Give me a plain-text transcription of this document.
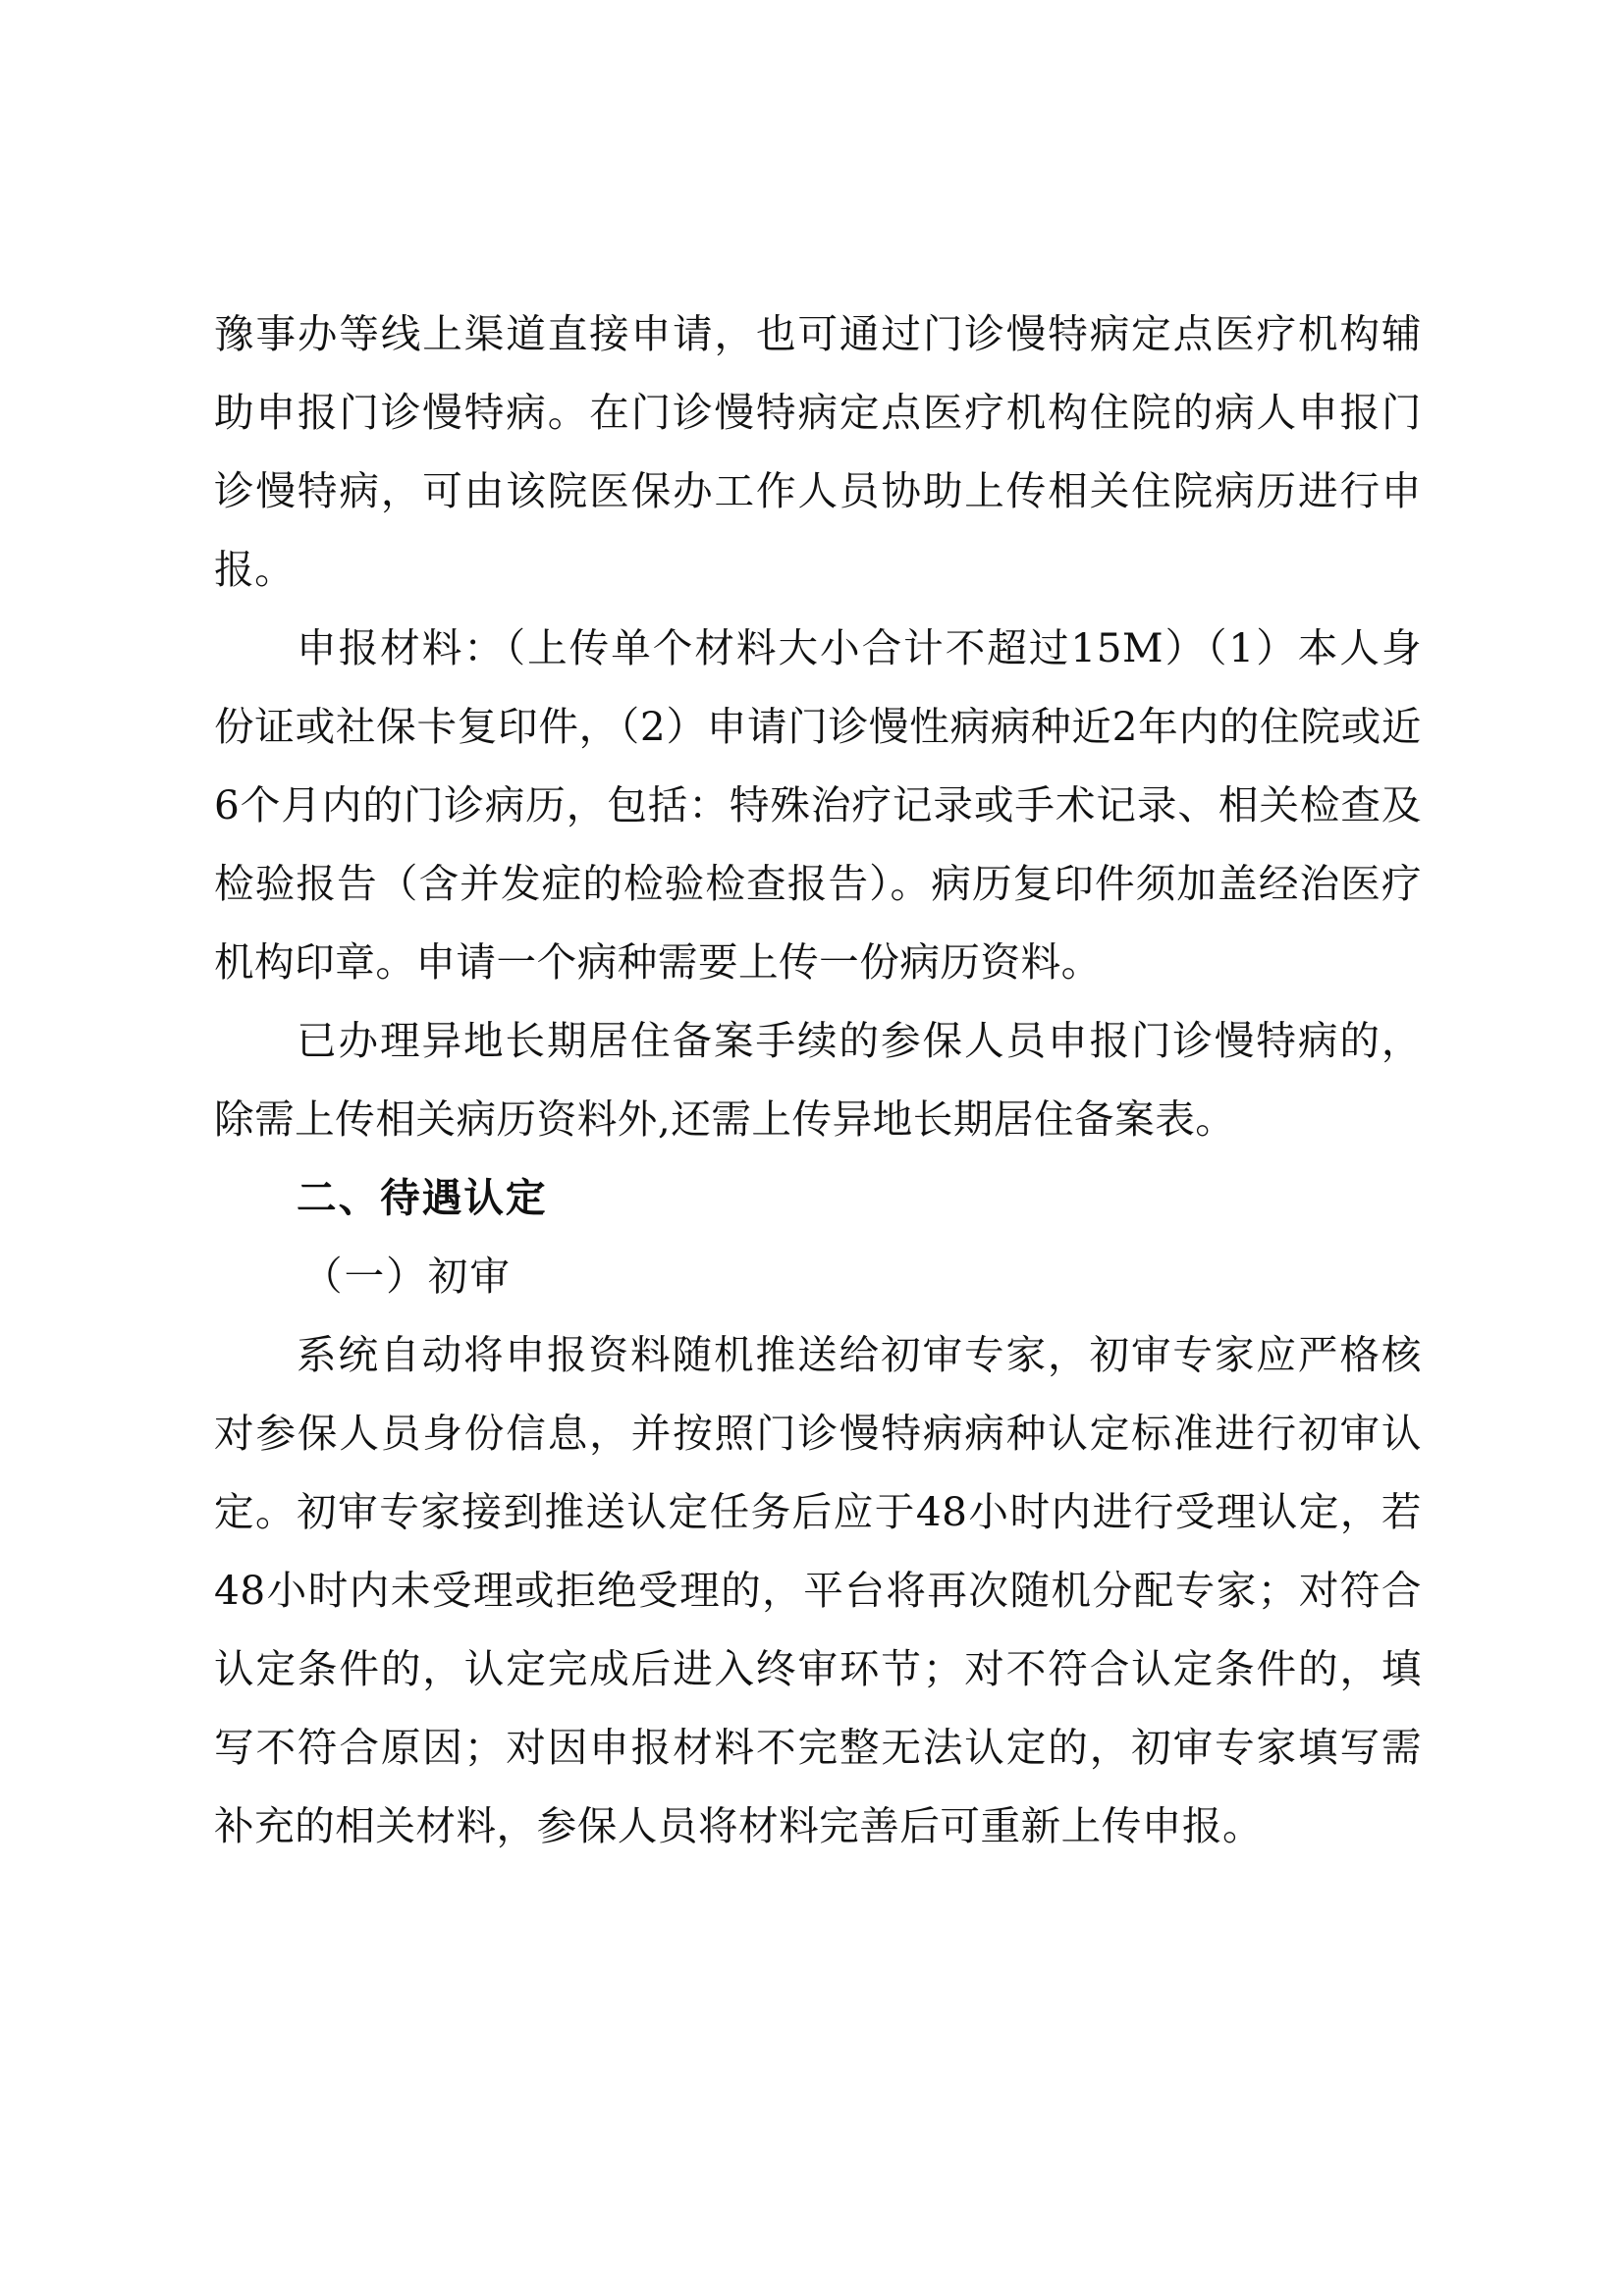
豫事办等线上渠道直接申请，也可通过门诊慢特病定点医疗机构辅助申报门诊慢特病。在门诊慢特病定点医疗机构住院的病人申报门诊慢特病，可由该院医保办工作人员协助上传相关住院病历进行申报。

申报材料：（上传单个材料大小合计不超过15M）（1）本人身份证或社保卡复印件，（2）申请门诊慢性病病种近2年内的住院或近6个月内的门诊病历，包括：特殊治疗记录或手术记录、相关检查及检验报告（含并发症的检验检查报告）。病历复印件须加盖经治医疗机构印章。申请一个病种需要上传一份病历资料。

已办理异地长期居住备案手续的参保人员申报门诊慢特病的，除需上传相关病历资料外,还需上传异地长期居住备案表。

二、待遇认定

（一）初审

系统自动将申报资料随机推送给初审专家，初审专家应严格核对参保人员身份信息，并按照门诊慢特病病种认定标准进行初审认定。初审专家接到推送认定任务后应于48小时内进行受理认定，若48小时内未受理或拒绝受理的，平台将再次随机分配专家；对符合认定条件的，认定完成后进入终审环节；对不符合认定条件的，填写不符合原因；对因申报材料不完整无法认定的，初审专家填写需补充的相关材料，参保人员将材料完善后可重新上传申报。
